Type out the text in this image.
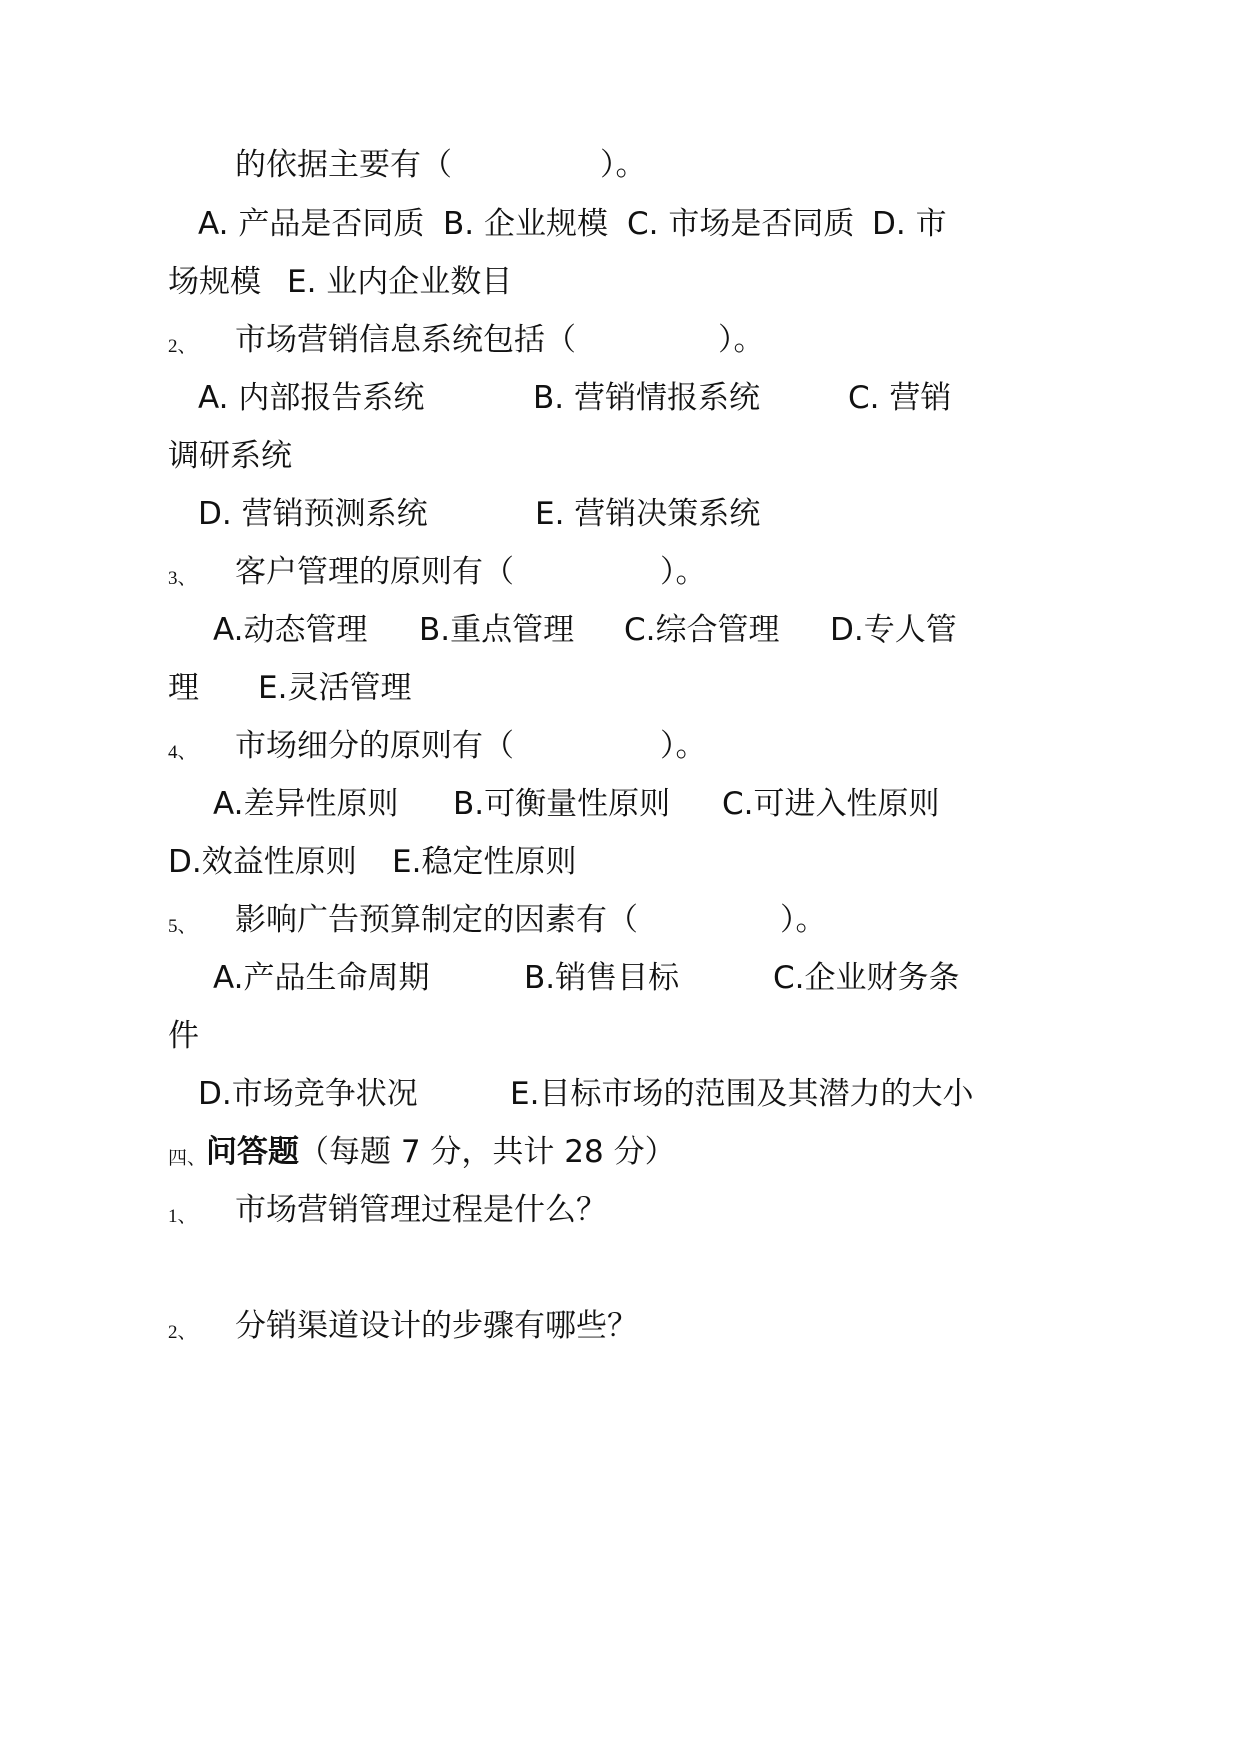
的依据主要有（	）。
A. 产品是否同质 B. 企业规模 C. 市场是否同质 D. 市
场规模 E. 业内企业数目
2、 市场营销信息系统包括（	）。
A. 内部报告系统	B. 营销情报系统	C. 营销
调研系统
D. 营销预测系统	E. 营销决策系统
3、 客户管理的原则有（	）。
A.动态管理 B.重点管理 C.综合管理 D.专人管
理 E.灵活管理
4、 市场细分的原则有（	）。
A.差异性原则 B.可衡量性原则 C.可进入性原则
D.效益性原则 E.稳定性原则
5、 影响广告预算制定的因素有（	）。
A.产品生命周期	B.销售目标	C.企业财务条
件
D.市场竞争状况	E.目标市场的范围及其潜力的大小
四、 问答题 （每题 7 分，共计 28 分）
1、 市场营销管理过程是什么？
2、 分销渠道设计的步骤有哪些？
